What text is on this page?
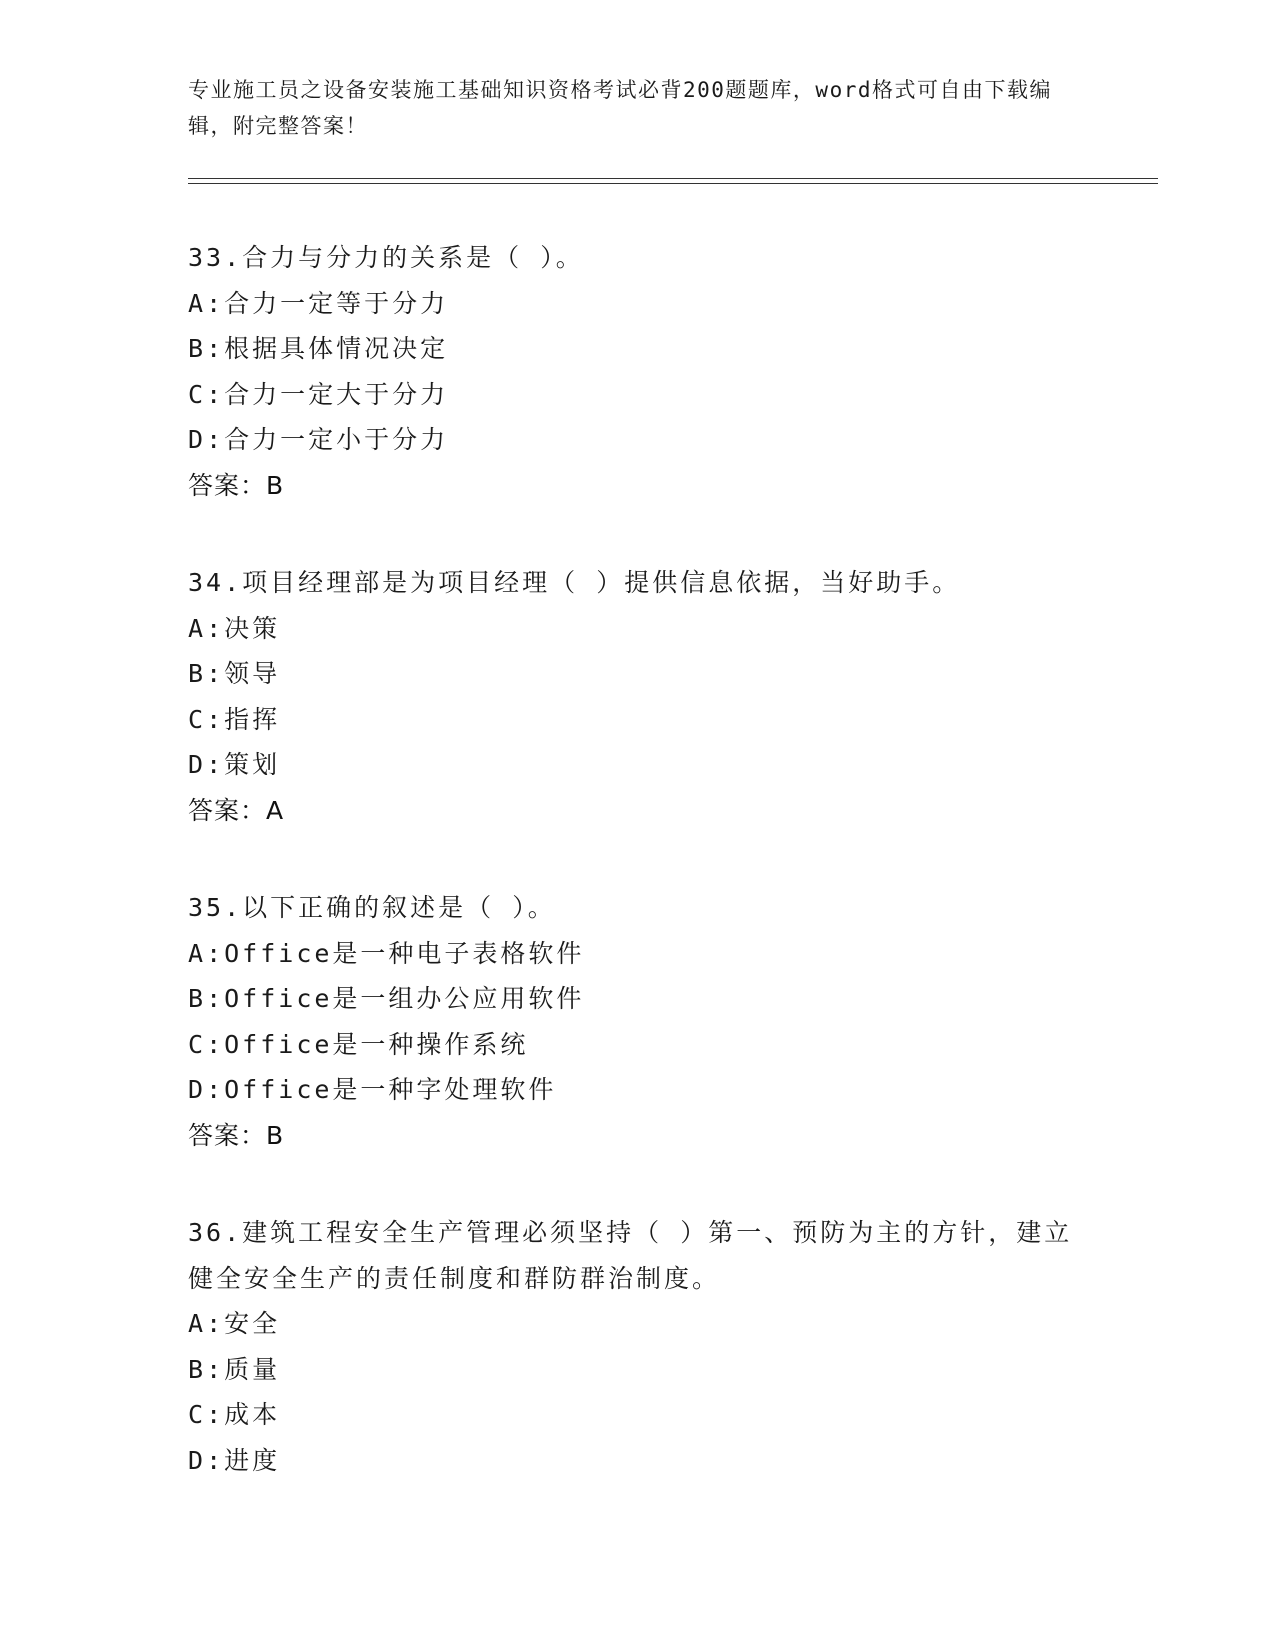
专业施工员之设备安装施工基础知识资格考试必背200题题库，word格式可自由下载编辑，附完整答案！
33.合力与分力的关系是（ ）。
A:合力一定等于分力
B:根据具体情况决定
C:合力一定大于分力
D:合力一定小于分力
答案：B
34.项目经理部是为项目经理（ ）提供信息依据，当好助手。
A:决策
B:领导
C:指挥
D:策划
答案：A
35.以下正确的叙述是（ ）。
A:Office是一种电子表格软件
B:Office是一组办公应用软件
C:Office是一种操作系统
D:Office是一种字处理软件
答案：B
36.建筑工程安全生产管理必须坚持（ ）第一、预防为主的方针，建立健全安全生产的责任制度和群防群治制度。
A:安全
B:质量
C:成本
D:进度
